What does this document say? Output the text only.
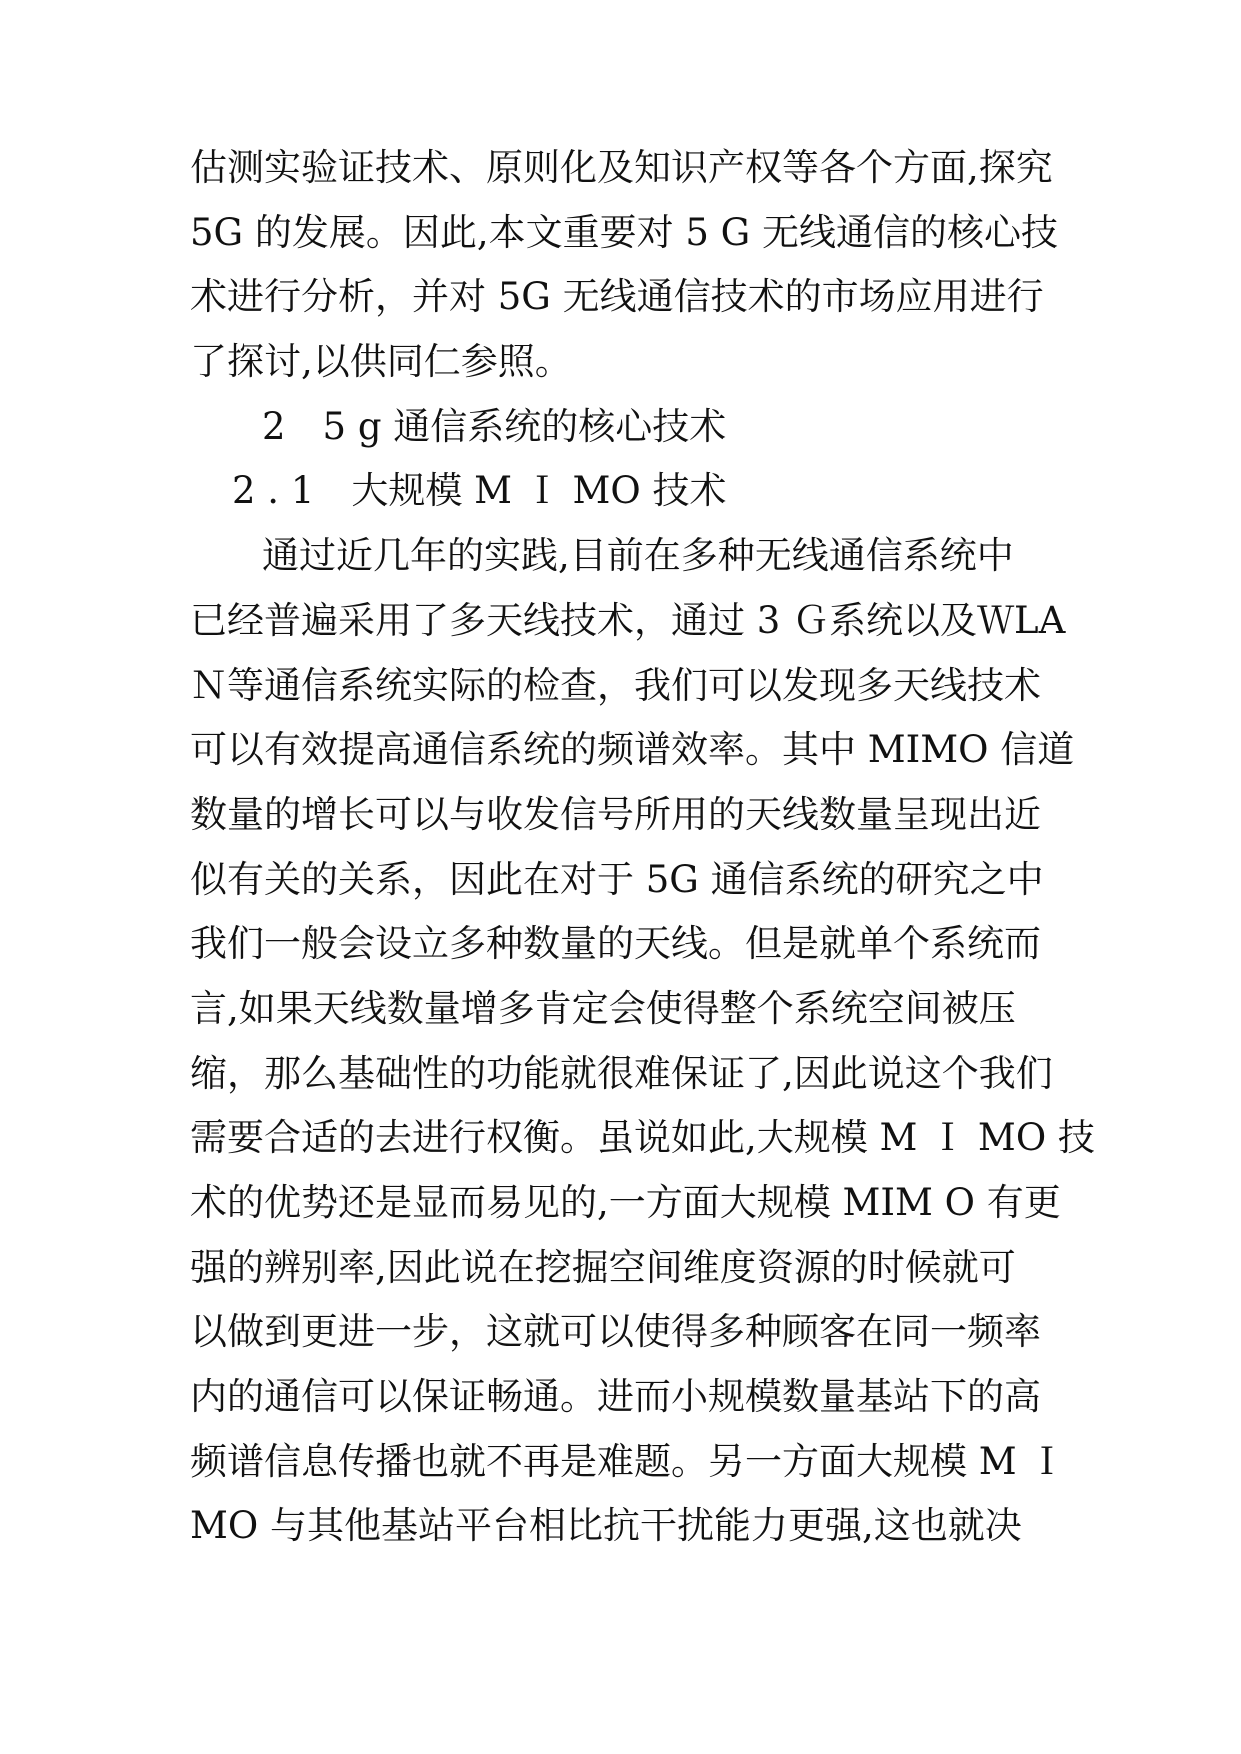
估测实验证技术、原则化及知识产权等各个方面,探究
5G 的发展。因此,本文重要对 5 G 无线通信的核心技
术进行分析，并对 5G 无线通信技术的市场应用进行
了探讨,以供同仁参照。
2　5 g 通信系统的核心技术
2 . 1　大规模 M Ｉ MO 技术
通过近几年的实践,目前在多种无线通信系统中
已经普遍采用了多天线技术，通过 3 Ｇ系统以及ＷLA
Ｎ等通信系统实际的检查，我们可以发现多天线技术
可以有效提高通信系统的频谱效率。其中 MIMO 信道
数量的增长可以与收发信号所用的天线数量呈现出近
似有关的关系，因此在对于 5G 通信系统的研究之中
我们一般会设立多种数量的天线。但是就单个系统而
言,如果天线数量增多肯定会使得整个系统空间被压
缩，那么基础性的功能就很难保证了,因此说这个我们
需要合适的去进行权衡。虽说如此,大规模 M Ｉ MO 技
术的优势还是显而易见的,一方面大规模 MIM O 有更
强的辨别率,因此说在挖掘空间维度资源的时候就可
以做到更进一步，这就可以使得多种顾客在同一频率
内的通信可以保证畅通。进而小规模数量基站下的高
频谱信息传播也就不再是难题。另一方面大规模 M Ｉ
MO 与其他基站平台相比抗干扰能力更强,这也就决
